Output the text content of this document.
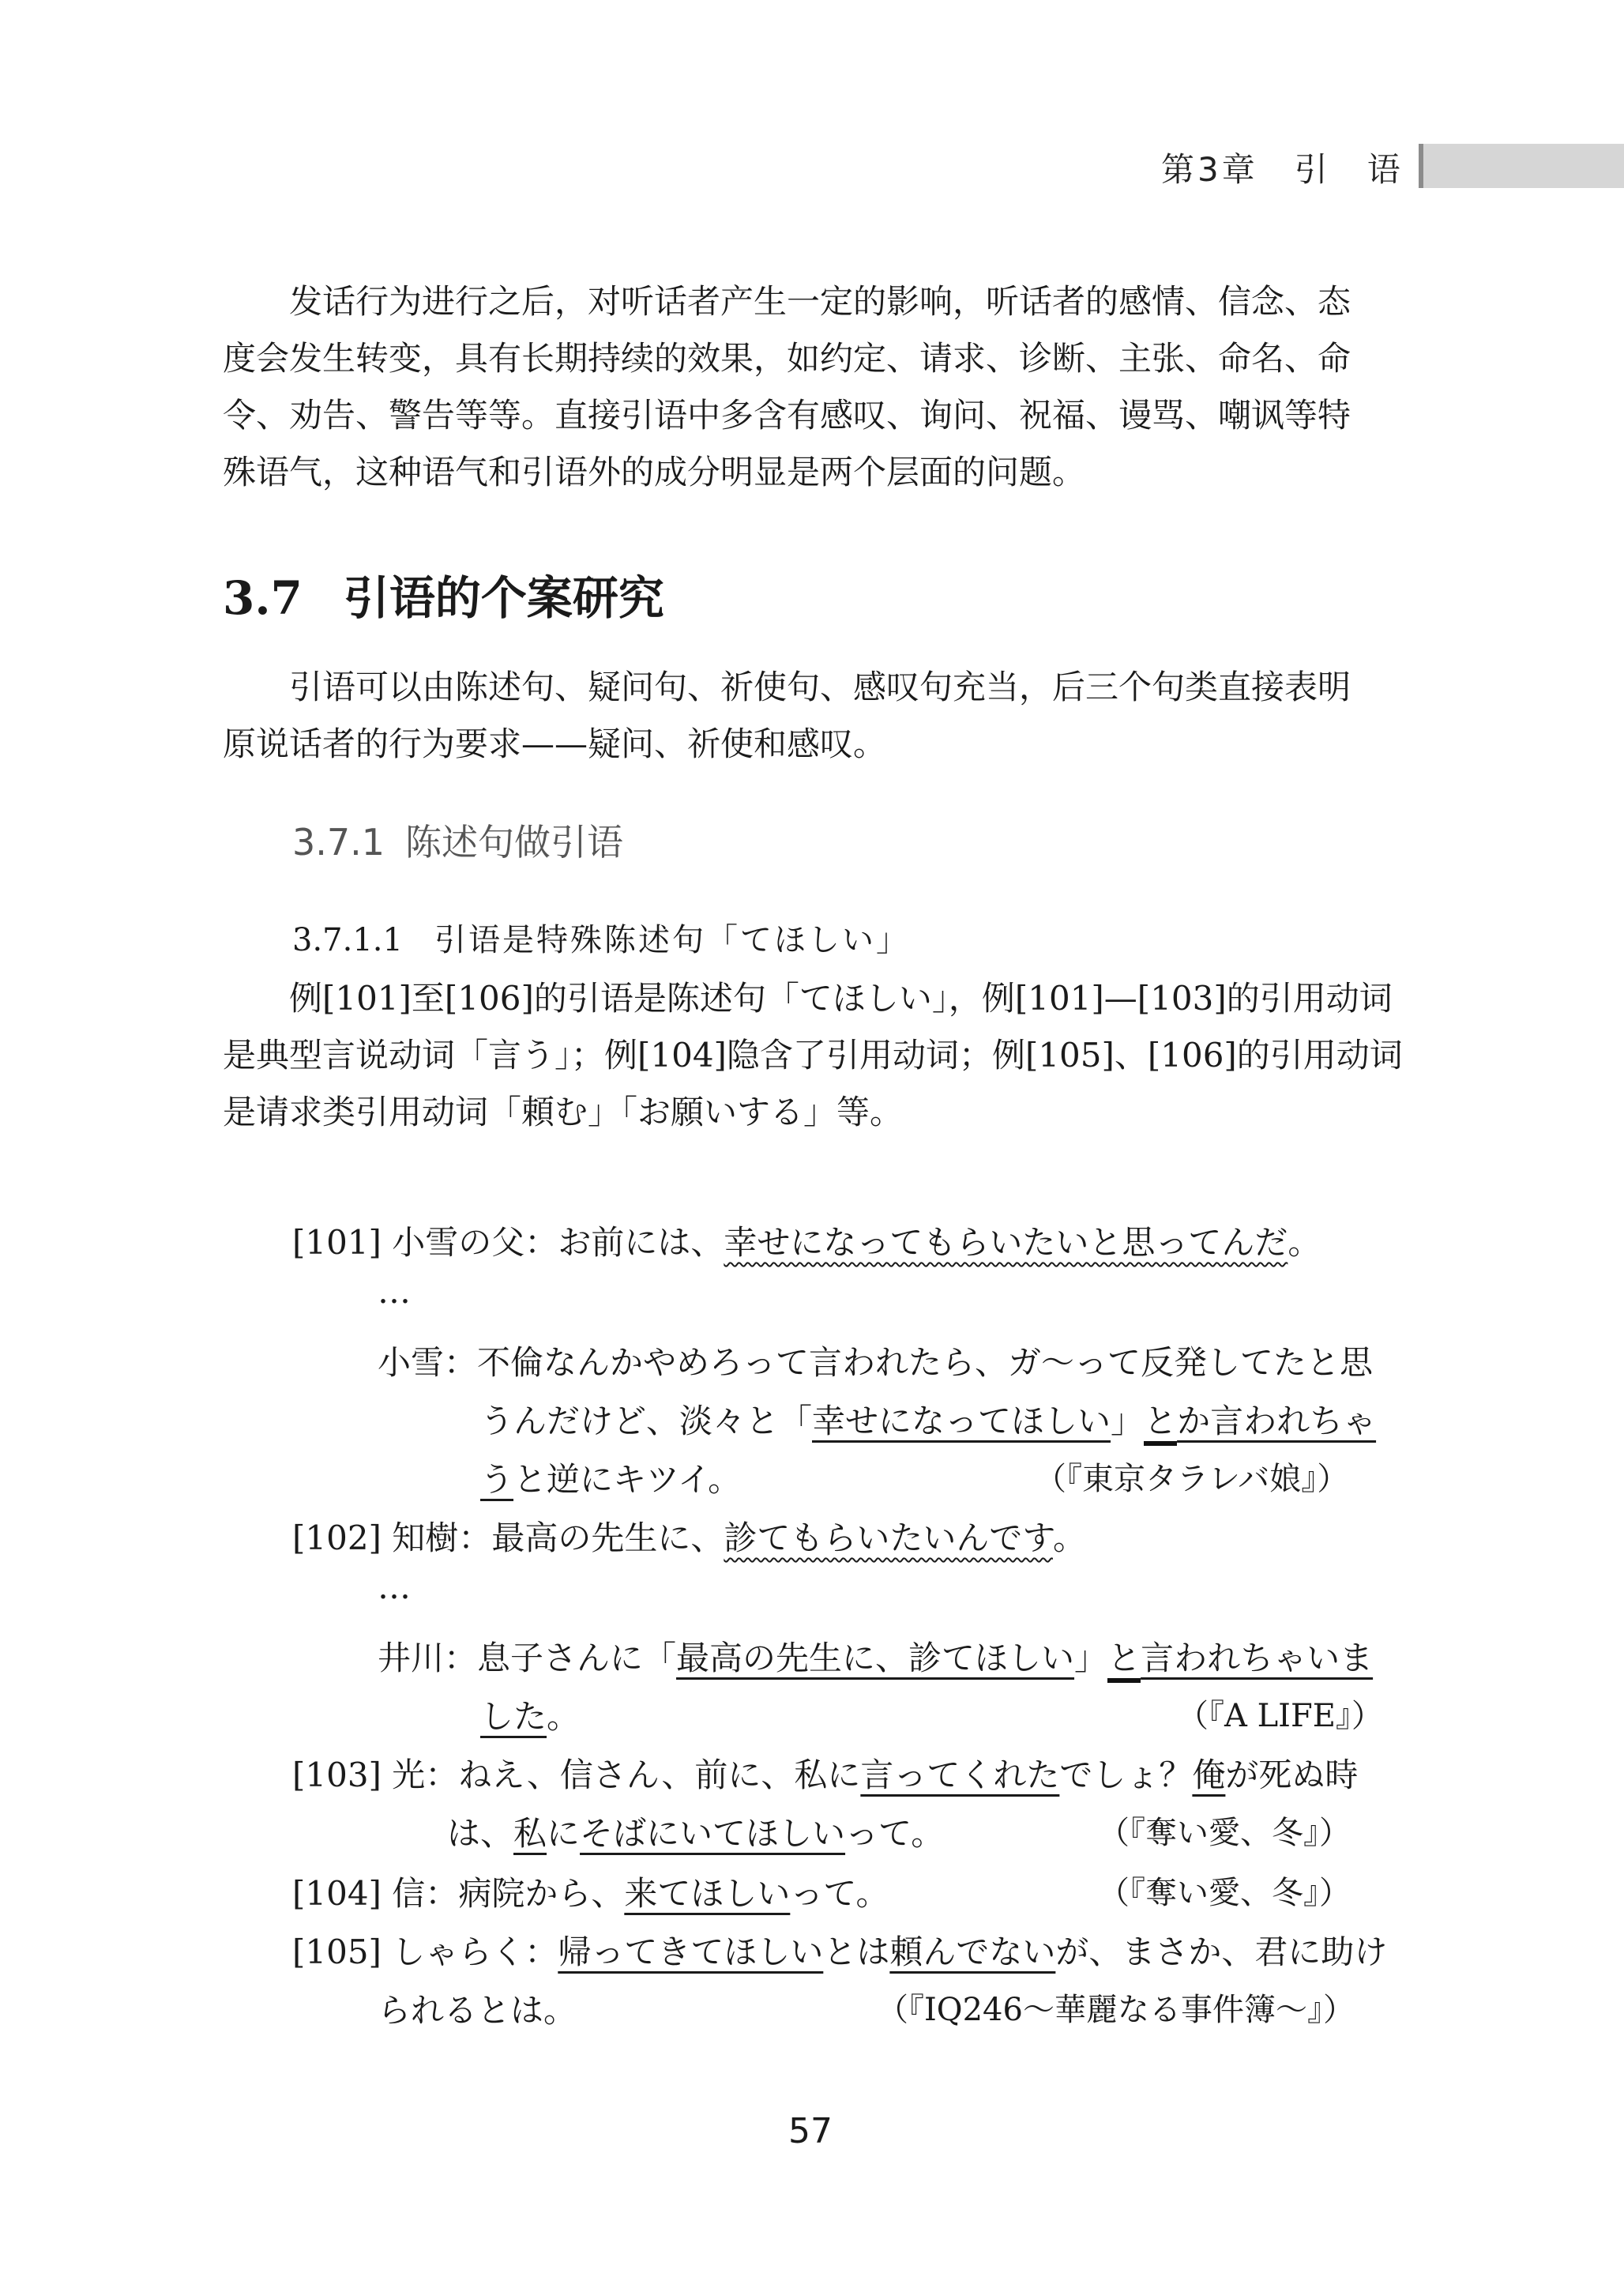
第3章　引　语
　　发话行为进行之后，对听话者产生一定的影响，听话者的感情、信念、态
度会发生转变，具有长期持续的效果，如约定、请求、诊断、主张、命名、命
令、劝告、警告等等。直接引语中多含有感叹、询问、祝福、谩骂、嘲讽等特
殊语气，这种语气和引语外的成分明显是两个层面的问题。
3.7 引语的个案研究
　　引语可以由陈述句、疑问句、祈使句、感叹句充当，后三个句类直接表明
原说话者的行为要求——疑问、祈使和感叹。
3.7.1 陈述句做引语
3.7.1.1 引语是特殊陈述句「てほしい」
　　例[101]至[106]的引语是陈述句「てほしい」，例[101]—[103]的引用动词
是典型言说动词「言う」；例[104]隐含了引用动词；例[105]、[106]的引用动词
是请求类引用动词「頼む」「お願いする」等。
[101] 小雪の父：お前には、幸せになってもらいたいと思ってんだ。
…
小雪：不倫なんかやめろって言われたら、ガ～って反発してたと思
うんだけど、淡々と「幸せになってほしい」とか言われちゃ
うと逆にキツイ。	（『東京タラレバ娘』）
[102] 知樹：最高の先生に、診てもらいたいんです。
…
井川：息子さんに「最高の先生に、診てほしい」と言われちゃいま
した。	（『A LIFE』）
[103] 光：ねえ、信さん、前に、私に言ってくれたでしょ？俺が死ぬ時
は、私にそばにいてほしいって。	（『奪い愛、冬』）
[104] 信：病院から、来てほしいって。	（『奪い愛、冬』）
[105] しゃらく：帰ってきてほしいとは頼んでないが、まさか、君に助け
られるとは。	（『IQ246～華麗なる事件簿～』）
57
